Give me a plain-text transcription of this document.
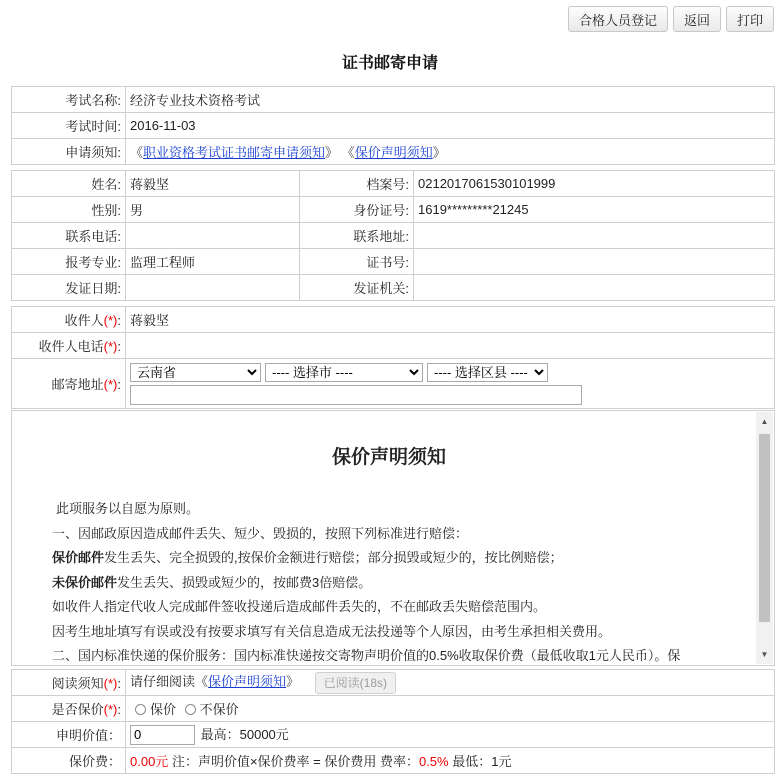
合格人员登记	返回	打印
证书邮寄申请
考试名称:	经济专业技术资格考试
考试时间:	2016-11-03
申请须知:	《职业资格考试证书邮寄申请须知》 《保价声明须知》
姓名:	蒋毅坚	档案号:	0212017061530101999
性别:	男	身份证号:	1619*********21245
联系电话:		联系地址:	
报考专业:	监理工程师	证书号:	
发证日期:		发证机关:	
收件人(*):	蒋毅坚
收件人电话(*):	
邮寄地址(*):	
云南省
---- 选择市 ----
---- 选择区县 ----
保价声明须知

此项服务以自愿为原则。

一、因邮政原因造成邮件丢失、短少、毁损的，按照下列标准进行赔偿：

保价邮件发生丢失、完全损毁的,按保价金额进行赔偿；部分损毁或短少的，按比例赔偿；

未保价邮件发生丢失、损毁或短少的，按邮费3倍赔偿。

如收件人指定代收人完成邮件签收投递后造成邮件丢失的，不在邮政丢失赔偿范围内。

因考生地址填写有误或没有按要求填写有关信息造成无法投递等个人原因，由考生承担相关费用。

二、国内标准快递的保价服务：国内标准快递按交寄物声明价值的0.5%收取保价费（最低收取1元人民币）。保

▲
▼
阅读须知(*):	请仔细阅读《保价声明须知》 已阅读(18s)
是否保价(*):	保价 不保价
申明价值：	0最高：50000元
保价费：	0.00元 注：声明价值×保价费率 = 保价费用 费率：0.5% 最低：1元
